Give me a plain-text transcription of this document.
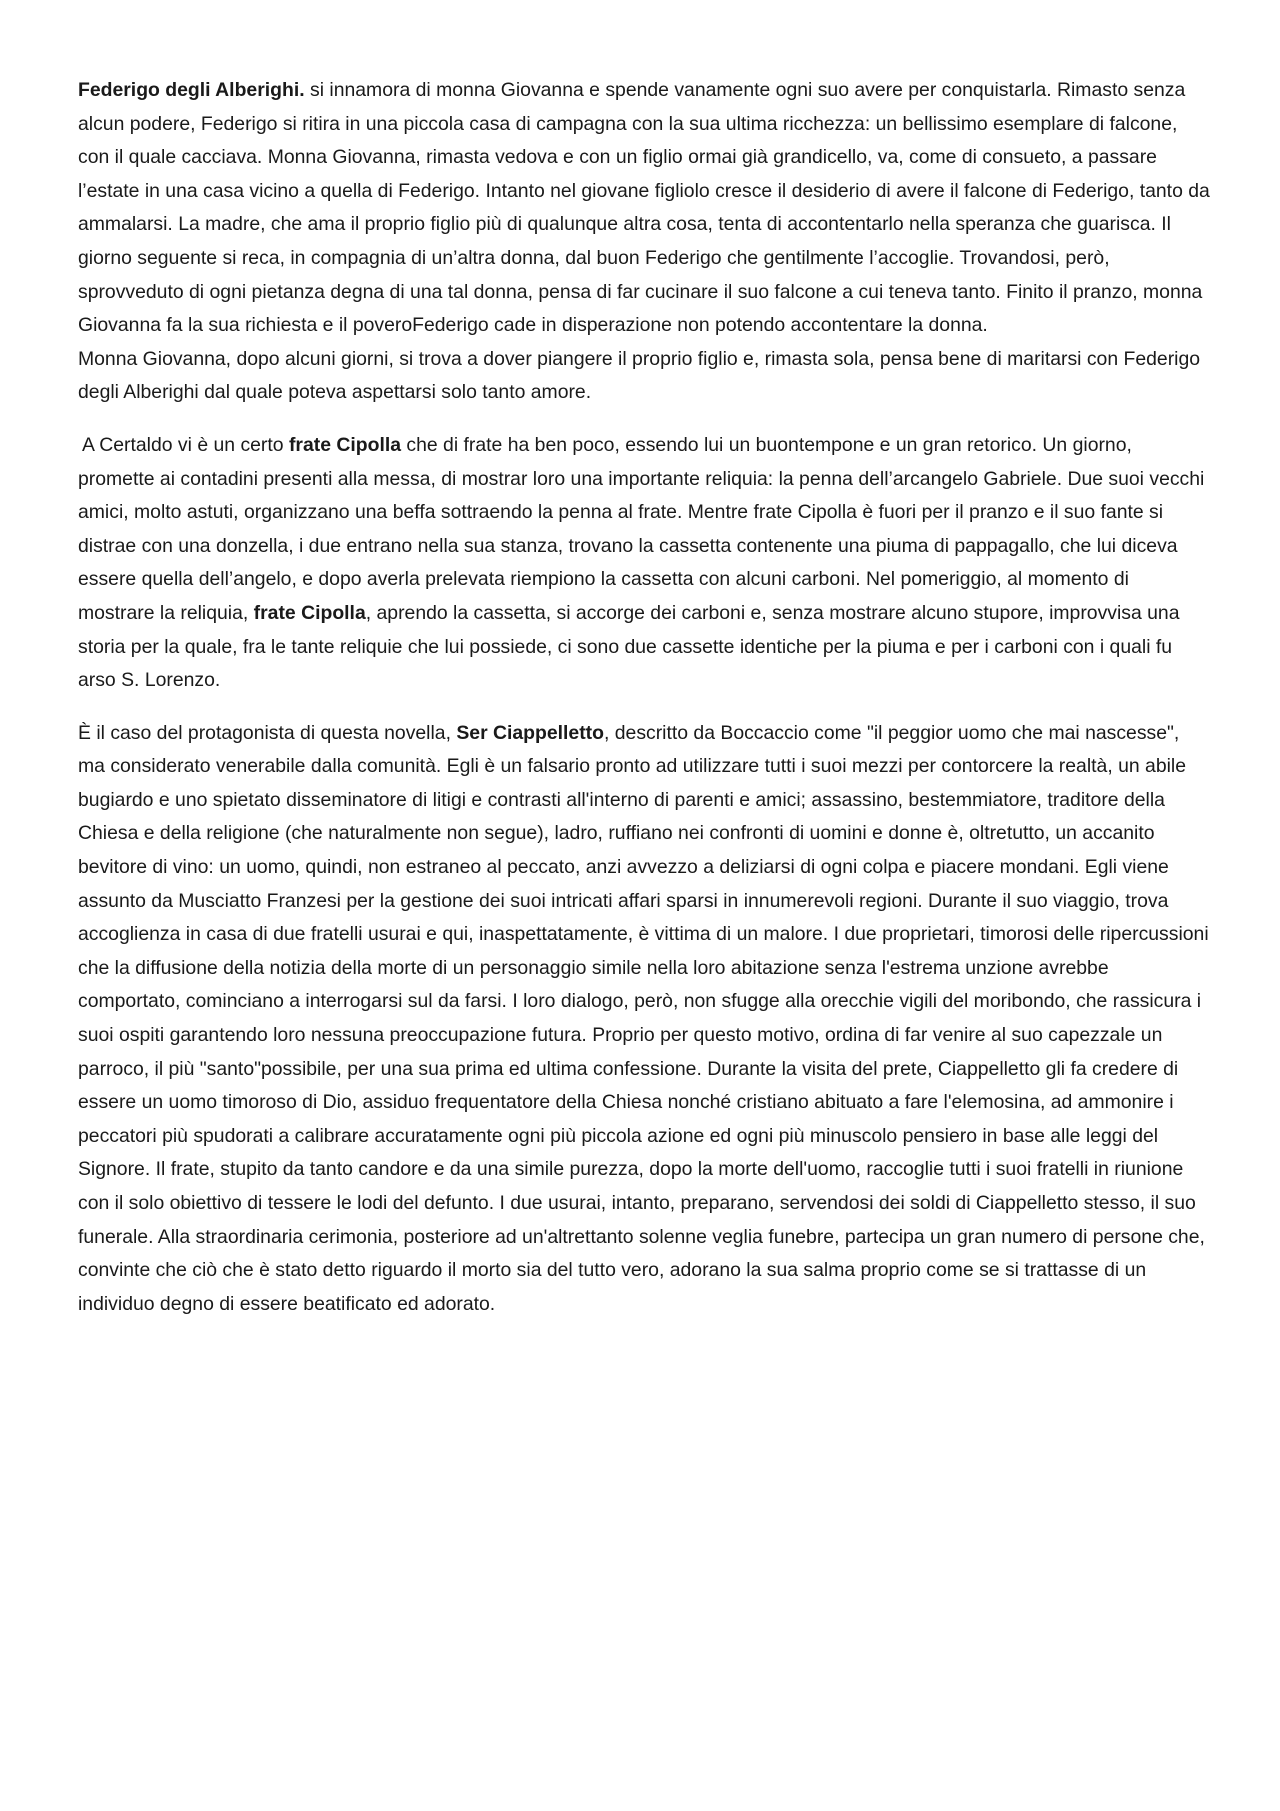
Federigo degli Alberighi. si innamora di monna Giovanna e spende vanamente ogni suo avere per conquistarla. Rimasto senza alcun podere, Federigo si ritira in una piccola casa di campagna con la sua ultima ricchezza: un bellissimo esemplare di falcone, con il quale cacciava. Monna Giovanna, rimasta vedova e con un figlio ormai già grandicello, va, come di consueto, a passare l’estate in una casa vicino a quella di Federigo. Intanto nel giovane figliolo cresce il desiderio di avere il falcone di Federigo, tanto da ammalarsi. La madre, che ama il proprio figlio più di qualunque altra cosa, tenta di accontentarlo nella speranza che guarisca. Il giorno seguente si reca, in compagnia di un’altra donna, dal buon Federigo che gentilmente l’accoglie. Trovandosi, però, sprovveduto di ogni pietanza degna di una tal donna, pensa di far cucinare il suo falcone a cui teneva tanto. Finito il pranzo, monna Giovanna fa la sua richiesta e il poveroFederigo cade in disperazione non potendo accontentare la donna.

Monna Giovanna, dopo alcuni giorni, si trova a dover piangere il proprio figlio e, rimasta sola, pensa bene di maritarsi con Federigo degli Alberighi dal quale poteva aspettarsi solo tanto amore.

A Certaldo vi è un certo frate Cipolla che di frate ha ben poco, essendo lui un buontempone e un gran retorico. Un giorno, promette ai contadini presenti alla messa, di mostrar loro una importante reliquia: la penna dell’arcangelo Gabriele. Due suoi vecchi amici, molto astuti, organizzano una beffa sottraendo la penna al frate. Mentre frate Cipolla è fuori per il pranzo e il suo fante si distrae con una donzella, i due entrano nella sua stanza, trovano la cassetta contenente una piuma di pappagallo, che lui diceva essere quella dell’angelo, e dopo averla prelevata riempiono la cassetta con alcuni carboni. Nel pomeriggio, al momento di mostrare la reliquia, frate Cipolla, aprendo la cassetta, si accorge dei carboni e, senza mostrare alcuno stupore, improvvisa una storia per la quale, fra le tante reliquie che lui possiede, ci sono due cassette identiche per la piuma e per i carboni con i quali fu arso S. Lorenzo.

È il caso del protagonista di questa novella, Ser Ciappelletto, descritto da Boccaccio come "il peggior uomo che mai nascesse", ma considerato venerabile dalla comunità. Egli è un falsario pronto ad utilizzare tutti i suoi mezzi per contorcere la realtà, un abile bugiardo e uno spietato disseminatore di litigi e contrasti all'interno di parenti e amici; assassino, bestemmiatore, traditore della Chiesa e della religione (che naturalmente non segue), ladro, ruffiano nei confronti di uomini e donne è, oltretutto, un accanito bevitore di vino: un uomo, quindi, non estraneo al peccato, anzi avvezzo a deliziarsi di ogni colpa e piacere mondani. Egli viene assunto da Musciatto Franzesi per la gestione dei suoi intricati affari sparsi in innumerevoli regioni. Durante il suo viaggio, trova accoglienza in casa di due fratelli usurai e qui, inaspettatamente, è vittima di un malore. I due proprietari, timorosi delle ripercussioni che la diffusione della notizia della morte di un personaggio simile nella loro abitazione senza l'estrema unzione avrebbe comportato, cominciano a interrogarsi sul da farsi. I loro dialogo, però, non sfugge alla orecchie vigili del moribondo, che rassicura i suoi ospiti garantendo loro nessuna preoccupazione futura. Proprio per questo motivo, ordina di far venire al suo capezzale un parroco, il più "santo"possibile, per una sua prima ed ultima confessione. Durante la visita del prete, Ciappelletto gli fa credere di essere un uomo timoroso di Dio, assiduo frequentatore della Chiesa nonché cristiano abituato a fare l'elemosina, ad ammonire i peccatori più spudorati a calibrare accuratamente ogni più piccola azione ed ogni più minuscolo pensiero in base alle leggi del Signore. Il frate, stupito da tanto candore e da una simile purezza, dopo la morte dell'uomo, raccoglie tutti i suoi fratelli in riunione con il solo obiettivo di tessere le lodi del defunto. I due usurai, intanto, preparano, servendosi dei soldi di Ciappelletto stesso, il suo funerale. Alla straordinaria cerimonia, posteriore ad un'altrettanto solenne veglia funebre, partecipa un gran numero di persone che, convinte che ciò che è stato detto riguardo il morto sia del tutto vero, adorano la sua salma proprio come se si trattasse di un individuo degno di essere beatificato ed adorato.
